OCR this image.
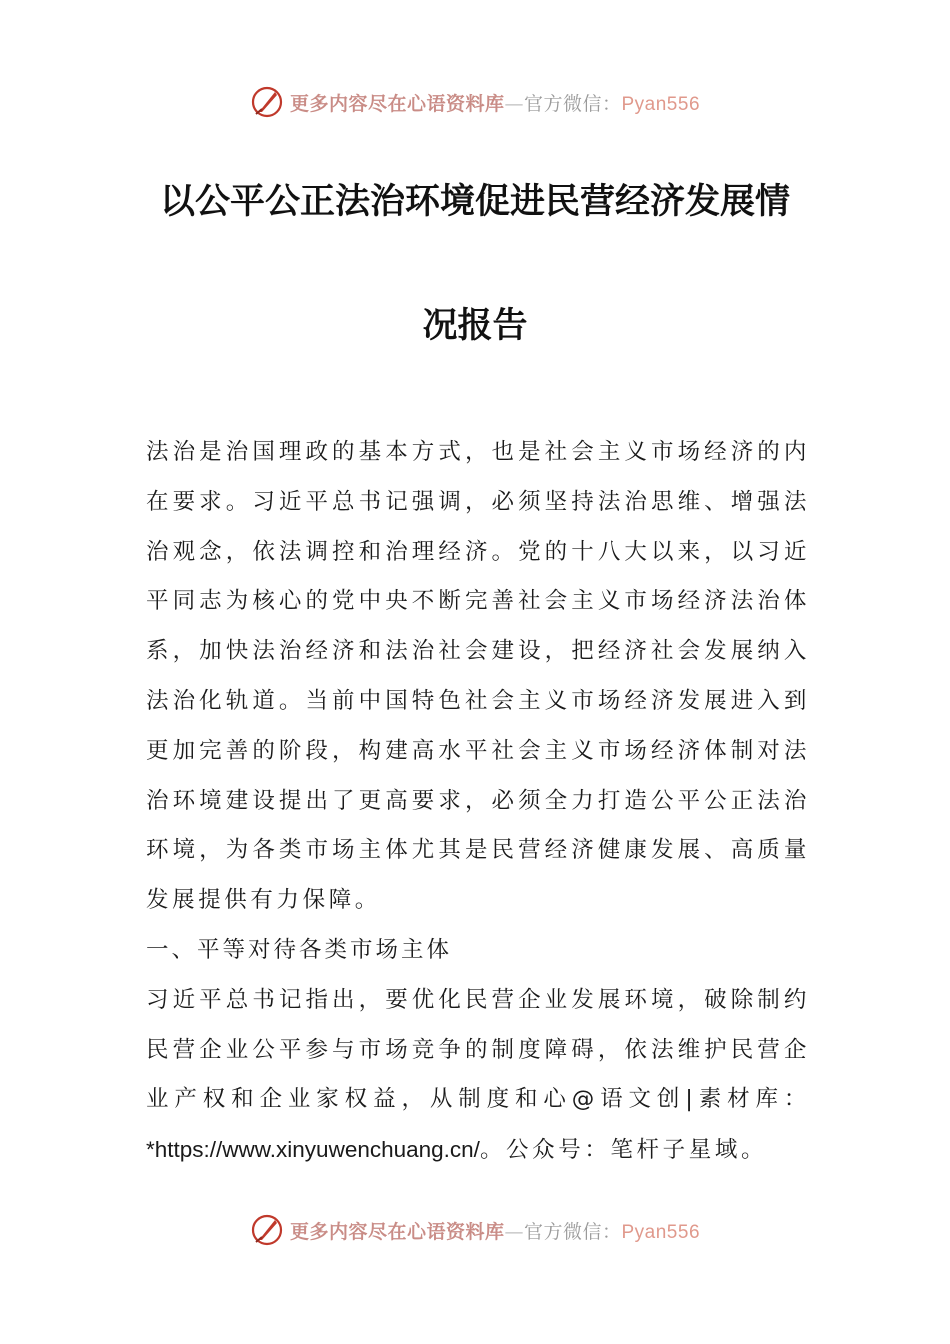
更多内容尽在心语资料库—官方微信：Pyan556
以公平公正法治环境促进民营经济发展情
况报告

法治是治国理政的基本方式，也是社会主义市场经济的内在要求。习近平总书记强调，必须坚持法治思维、增强法治观念，依法调控和治理经济。党的十八大以来，以习近平同志为核心的党中央不断完善社会主义市场经济法治体系，加快法治经济和法治社会建设，把经济社会发展纳入法治化轨道。当前中国特色社会主义市场经济发展进入到更加完善的阶段，构建高水平社会主义市场经济体制对法治环境建设提出了更高要求，必须全力打造公平公正法治环境，为各类市场主体尤其是民营经济健康发展、高质量发展提供有力保障。

一、平等对待各类市场主体

习近平总书记指出，要优化民营企业发展环境，破除制约民营企业公平参与市场竞争的制度障碍，依法维护民营企业产权和企业家权益，从制度和心@语文创|素材库：*https://www.xinyuwenchuang.cn/。公众号：笔杆子星域。

更多内容尽在心语资料库—官方微信：Pyan556
